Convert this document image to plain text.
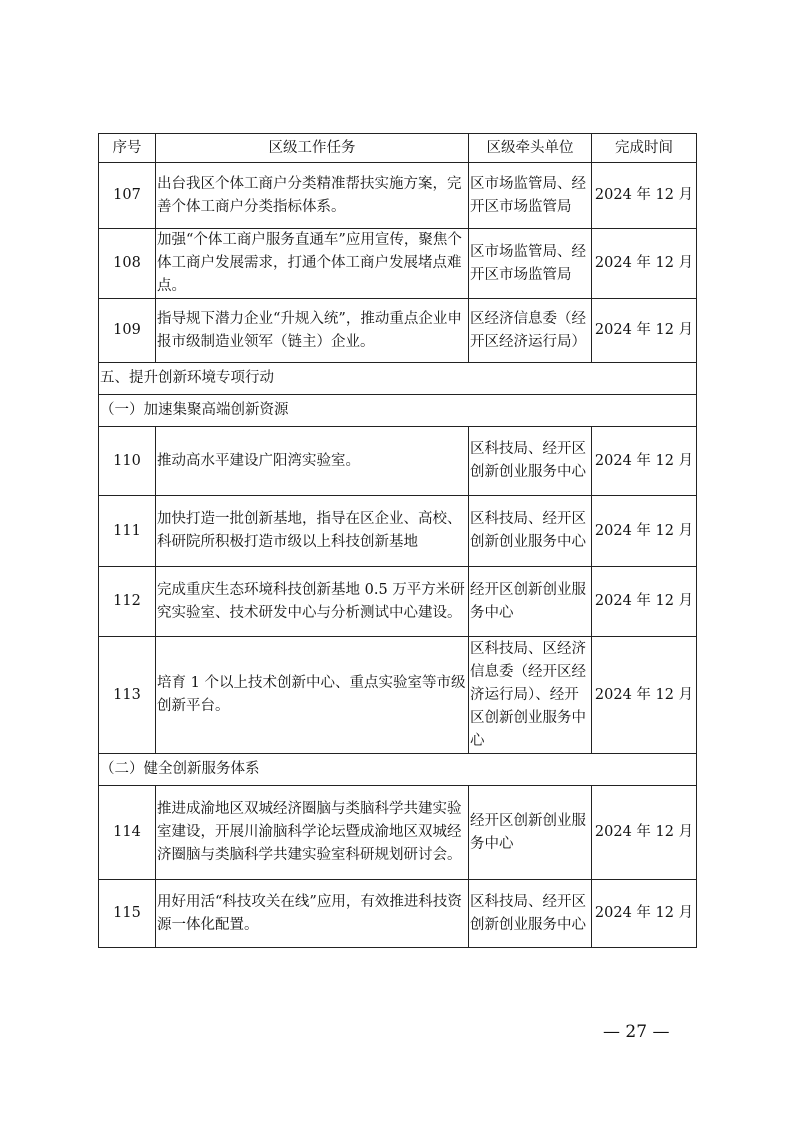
序号	区级工作任务	区级牵头单位	完成时间
107	出台我区个体工商户分类精准帮扶实施方案，完善个体工商户分类指标体系。	区市场监管局、经开区市场监管局	2024 年 12 月
108	加强“个体工商户服务直通车”应用宣传，聚焦个体工商户发展需求，打通个体工商户发展堵点难点。	区市场监管局、经开区市场监管局	2024 年 12 月
109	指导规下潜力企业“升规入统”，推动重点企业申报市级制造业领军（链主）企业。	区经济信息委（经开区经济运行局）	2024 年 12 月
五、提升创新环境专项行动			
（一）加速集聚高端创新资源			
110	推动高水平建设广阳湾实验室。	区科技局、经开区创新创业服务中心	2024 年 12 月
111	加快打造一批创新基地，指导在区企业、高校、科研院所积极打造市级以上科技创新基地	区科技局、经开区创新创业服务中心	2024 年 12 月
112	完成重庆生态环境科技创新基地 0.5 万平方米研究实验室、技术研发中心与分析测试中心建设。	经开区创新创业服务中心	2024 年 12 月
113	培育 1 个以上技术创新中心、重点实验室等市级创新平台。	区科技局、区经济信息委（经开区经济运行局）、经开区创新创业服务中心	2024 年 12 月
（二）健全创新服务体系			
114	推进成渝地区双城经济圈脑与类脑科学共建实验室建设，开展川渝脑科学论坛暨成渝地区双城经济圈脑与类脑科学共建实验室科研规划研讨会。	经开区创新创业服务中心	2024 年 12 月
115	用好用活“科技攻关在线”应用，有效推进科技资源一体化配置。	区科技局、经开区创新创业服务中心	2024 年 12 月
— 27 —
